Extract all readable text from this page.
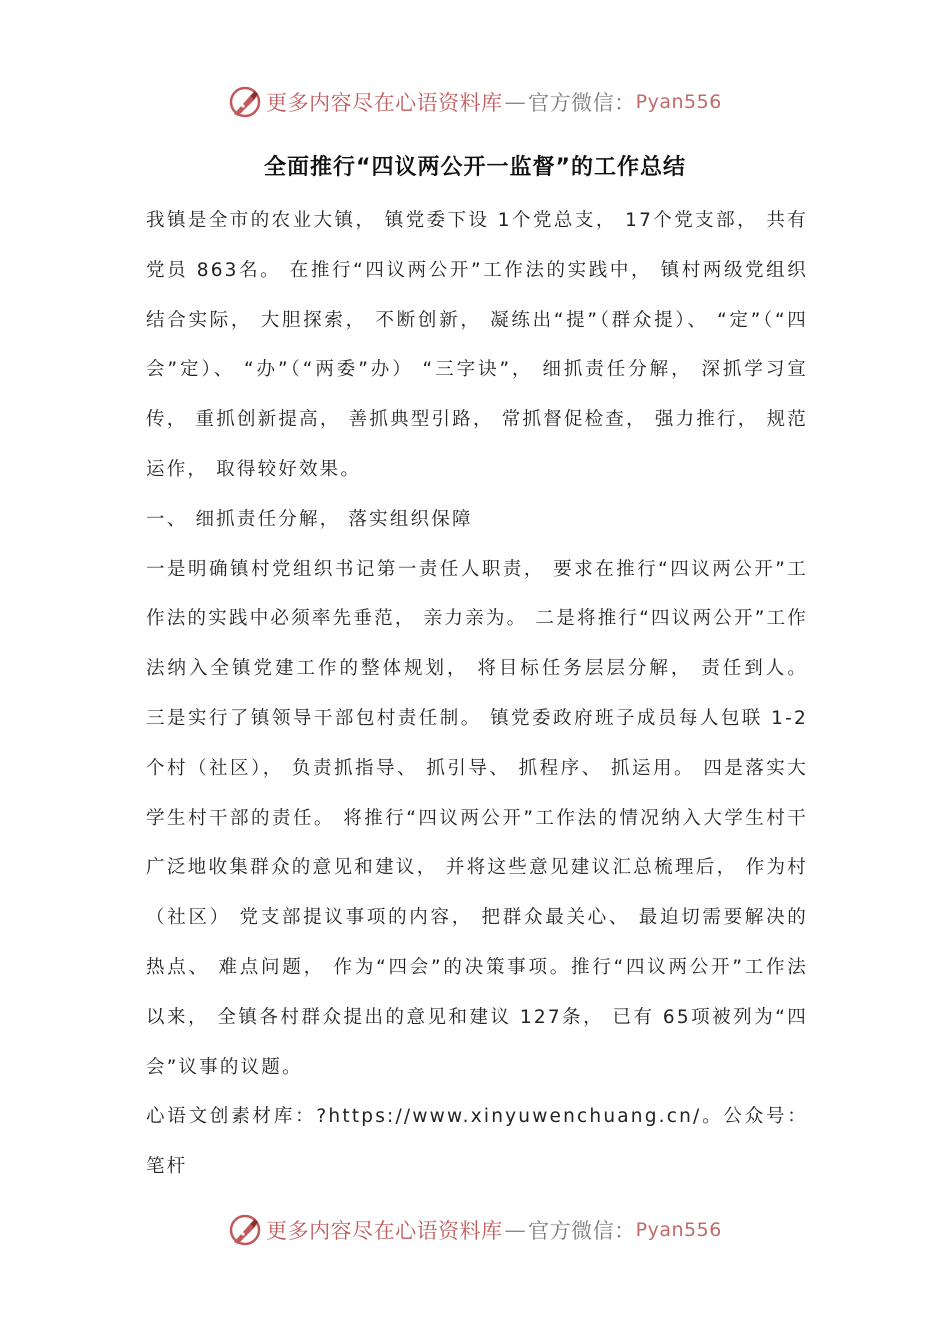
更多内容尽在心语资料库 — 官方微信： Pyan556
全面推行“四议两公开一监督”的工作总结

我镇是全市的农业大镇， 镇党委下设 1个党总支， 17个党支部， 共有党员 863名。 在推行“四议两公开”工作法的实践中， 镇村两级党组织结合实际， 大胆探索， 不断创新， 凝练出“提”（群众提）、 “定”（“四会”定）、 “办”（“两委”办） “三字诀”， 细抓责任分解， 深抓学习宣传， 重抓创新提高， 善抓典型引路， 常抓督促检查， 强力推行， 规范运作， 取得较好效果。

一、 细抓责任分解， 落实组织保障

一是明确镇村党组织书记第一责任人职责， 要求在推行“四议两公开”工作法的实践中必须率先垂范， 亲力亲为。 二是将推行“四议两公开”工作法纳入全镇党建工作的整体规划， 将目标任务层层分解， 责任到人。 三是实行了镇领导干部包村责任制。 镇党委政府班子成员每人包联 1-2个村（社区）， 负责抓指导、 抓引导、 抓程序、 抓运用。 四是落实大学生村干部的责任。 将推行“四议两公开”工作法的情况纳入大学生村干广泛地收集群众的意见和建议， 并将这些意见建议汇总梳理后， 作为村（社区） 党支部提议事项的内容， 把群众最关心、 最迫切需要解决的热点、 难点问题， 作为“四会”的决策事项。推行“四议两公开”工作法以来， 全镇各村群众提出的意见和建议 127条， 已有 65项被列为“四会”议事的议题。

心语文创素材库：?https://www.xinyuwenchuang.cn/。公众号：笔杆

更多内容尽在心语资料库 — 官方微信： Pyan556
